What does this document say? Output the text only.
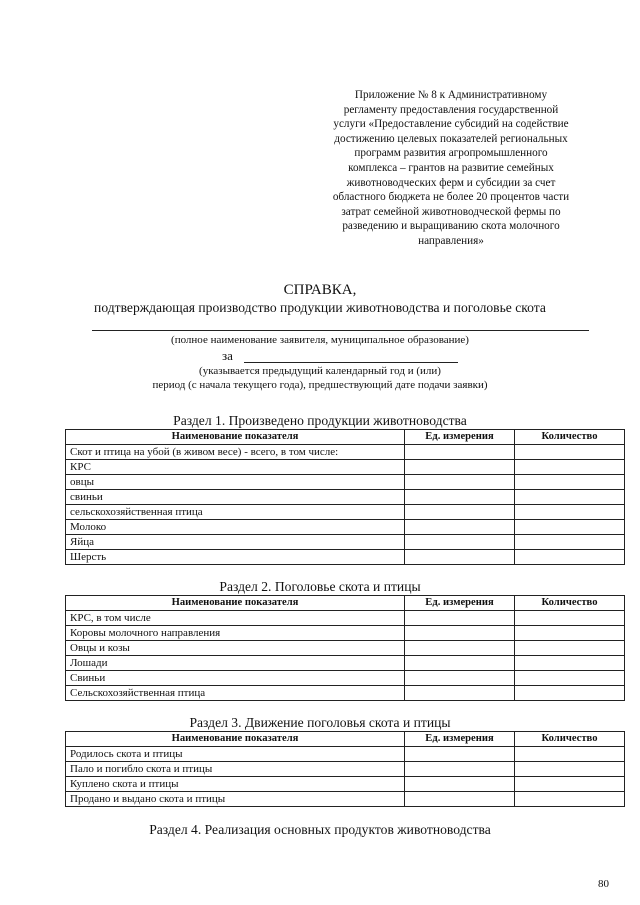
Приложение № 8 к Административному
регламенту предоставления государственной
услуги «Предоставление субсидий на содействие
достижению целевых показателей региональных
программ развития агропромышленного
комплекса – грантов на развитие семейных
животноводческих ферм и субсидии за счет
областного бюджета не более 20 процентов части
затрат семейной животноводческой фермы по
разведению и выращиванию скота молочного
направления»
СПРАВКА,
подтверждающая производство продукции животноводства и поголовье скота
(полное наименование заявителя, муниципальное образование)
за
(указывается предыдущий календарный год и (или)
период (с начала текущего года), предшествующий дате подачи заявки)
Раздел 1. Произведено продукции животноводства
Наименование показателя	Ед. измерения	Количество
Скот и птица на убой (в живом весе) - всего, в том числе:		
КРС		
овцы		
свиньи		
сельскохозяйственная птица		
Молоко		
Яйца		
Шерсть		
Раздел 2. Поголовье скота и птицы
Наименование показателя	Ед. измерения	Количество
КРС, в том числе		
Коровы молочного направления		
Овцы и козы		
Лошади		
Свиньи		
Сельскохозяйственная птица		
Раздел 3. Движение поголовья скота и птицы
Наименование показателя	Ед. измерения	Количество
Родилось скота и птицы		
Пало и погибло скота и птицы		
Куплено скота и птицы		
Продано и выдано скота и птицы		
Раздел 4. Реализация основных продуктов животноводства
80
